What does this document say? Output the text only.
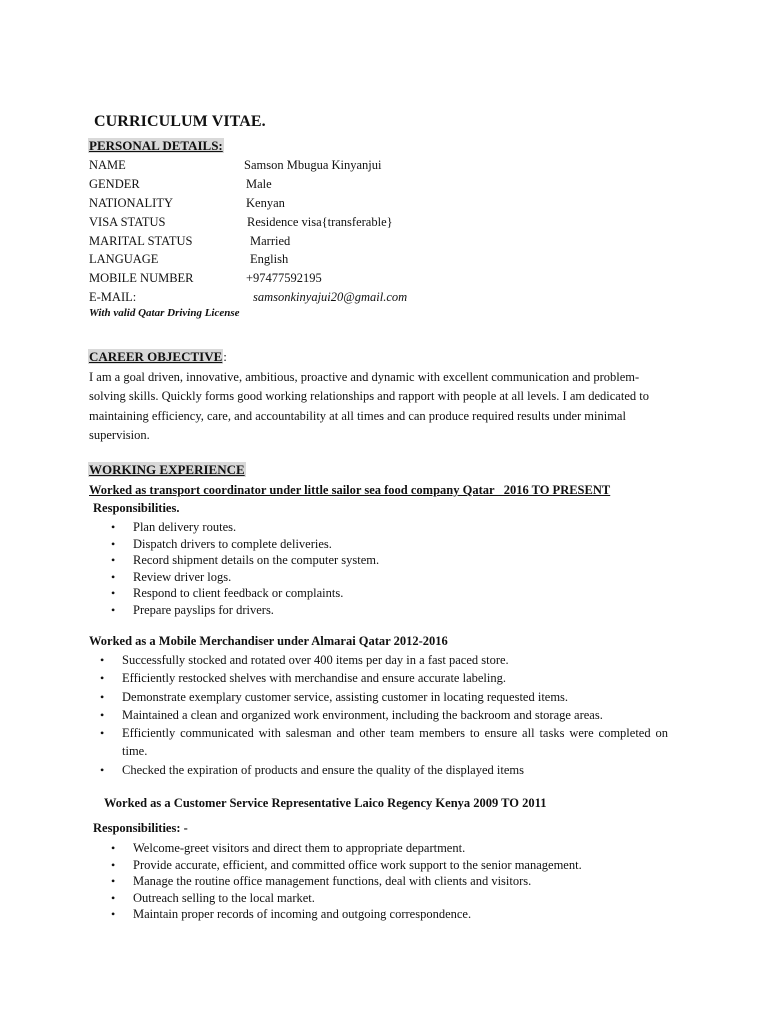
CURRICULUM VITAE.
PERSONAL DETAILS:
NAME	Samson Mbugua Kinyanjui
GENDER	Male
NATIONALITY	Kenyan
VISA STATUS	Residence visa{transferable}
MARITAL STATUS	Married
LANGUAGE	English
MOBILE NUMBER	+97477592195
E-MAIL:	samsonkinyajui20@gmail.com
With valid Qatar Driving License
CAREER OBJECTIVE:
I am a goal driven, innovative, ambitious, proactive and dynamic with excellent communication and problem-solving skills. Quickly forms good working relationships and rapport with people at all levels. I am dedicated to maintaining efficiency, care, and accountability at all times and can produce required results under minimal supervision.
WORKING EXPERIENCE
Worked as transport coordinator under little sailor sea food company Qatar   2016 TO PRESENT
Responsibilities.
• Plan delivery routes.
• Dispatch drivers to complete deliveries.
• Record shipment details on the computer system.
• Review driver logs.
• Respond to client feedback or complaints.
• Prepare payslips for drivers.
Worked as a Mobile Merchandiser under Almarai Qatar 2012-2016
• Successfully stocked and rotated over 400 items per day in a fast paced store.
• Efficiently restocked shelves with merchandise and ensure accurate labeling.
• Demonstrate exemplary customer service, assisting customer in locating requested items.
• Maintained a clean and organized work environment, including the backroom and storage areas.
• Efficiently communicated with salesman and other team members to ensure all tasks were completed on time.
• Checked the expiration of products and ensure the quality of the displayed items
Worked as a Customer Service Representative Laico Regency Kenya 2009 TO 2011
Responsibilities: -
• Welcome-greet visitors and direct them to appropriate department.
• Provide accurate, efficient, and committed office work support to the senior management.
• Manage the routine office management functions, deal with clients and visitors.
• Outreach selling to the local market.
• Maintain proper records of incoming and outgoing correspondence.
